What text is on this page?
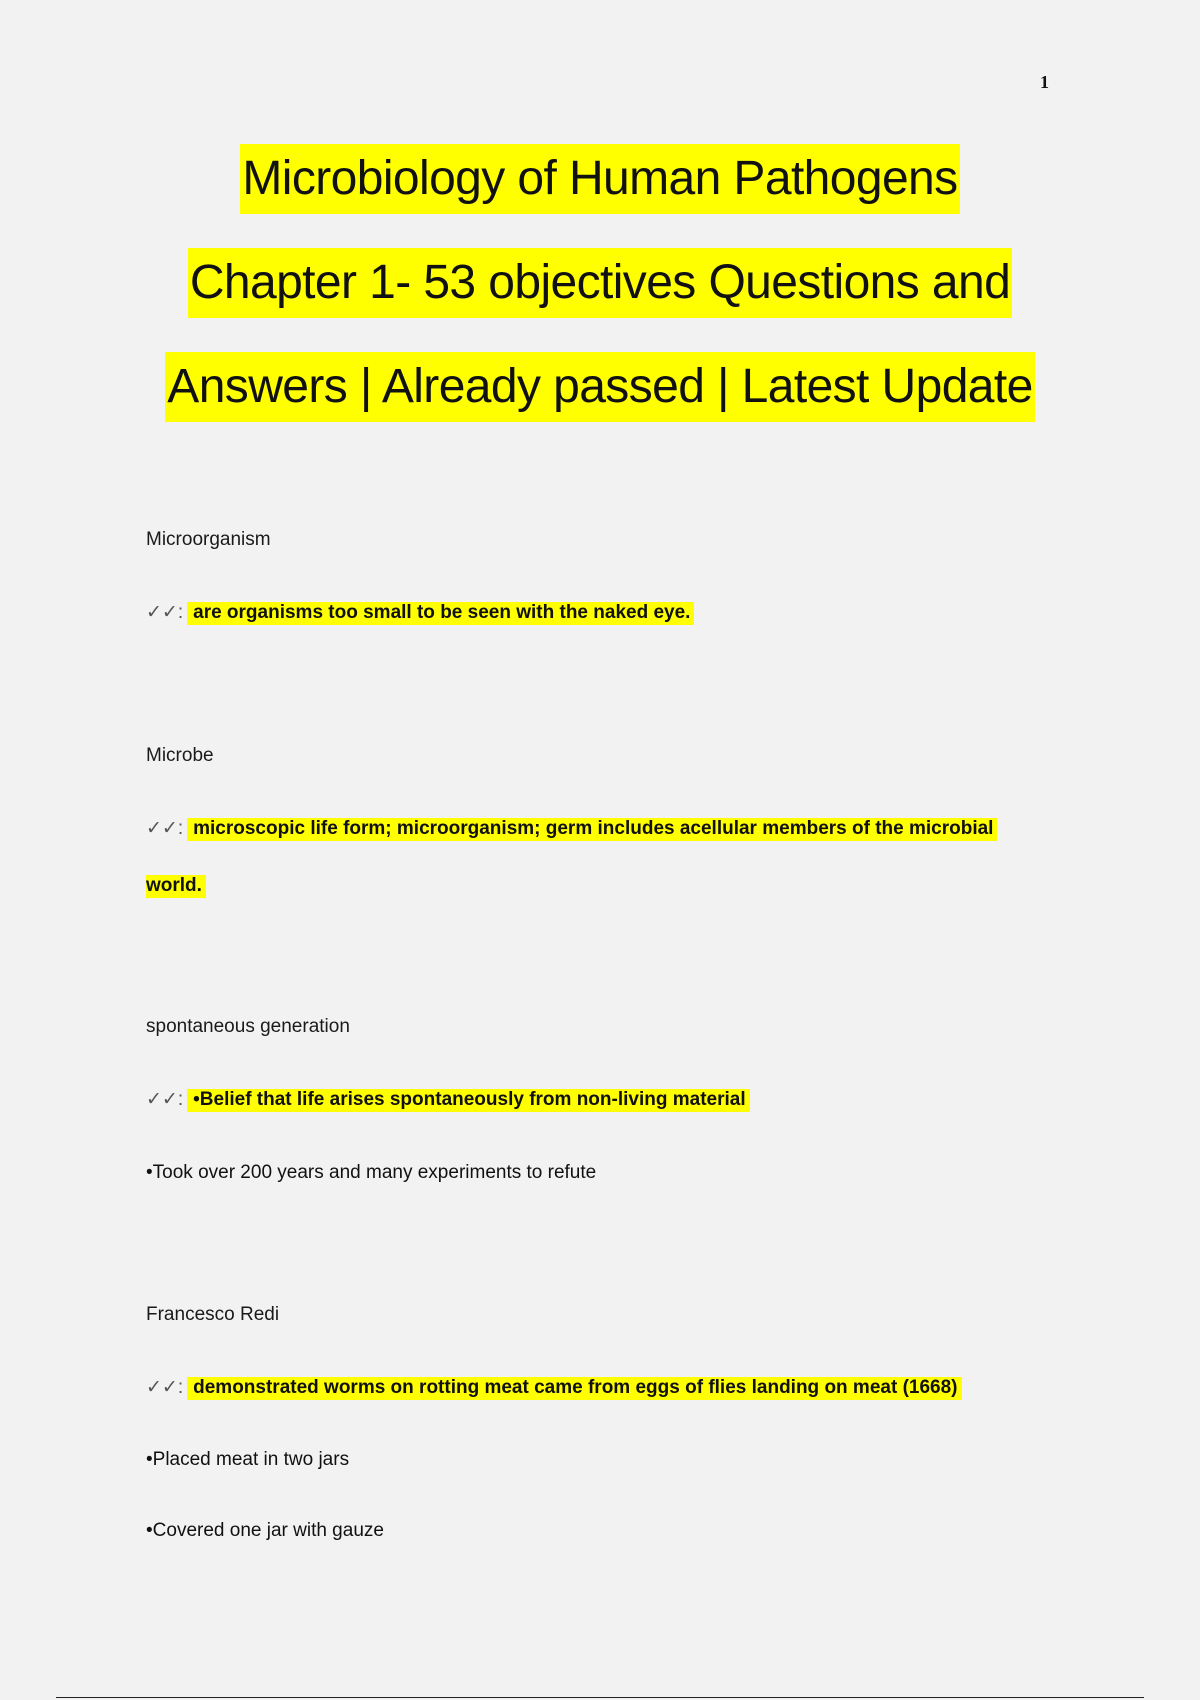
1
Microbiology of Human Pathogens
Chapter 1- 53 objectives Questions and
Answers | Already passed | Latest Update
Microorganism
✓✓: are organisms too small to be seen with the naked eye.
Microbe
✓✓: microscopic life form; microorganism; germ includes acellular members of the microbial
world.
spontaneous generation
✓✓: •Belief that life arises spontaneously from non-living material
•Took over 200 years and many experiments to refute
Francesco Redi
✓✓: demonstrated worms on rotting meat came from eggs of flies landing on meat (1668)
•Placed meat in two jars
•Covered one jar with gauze
